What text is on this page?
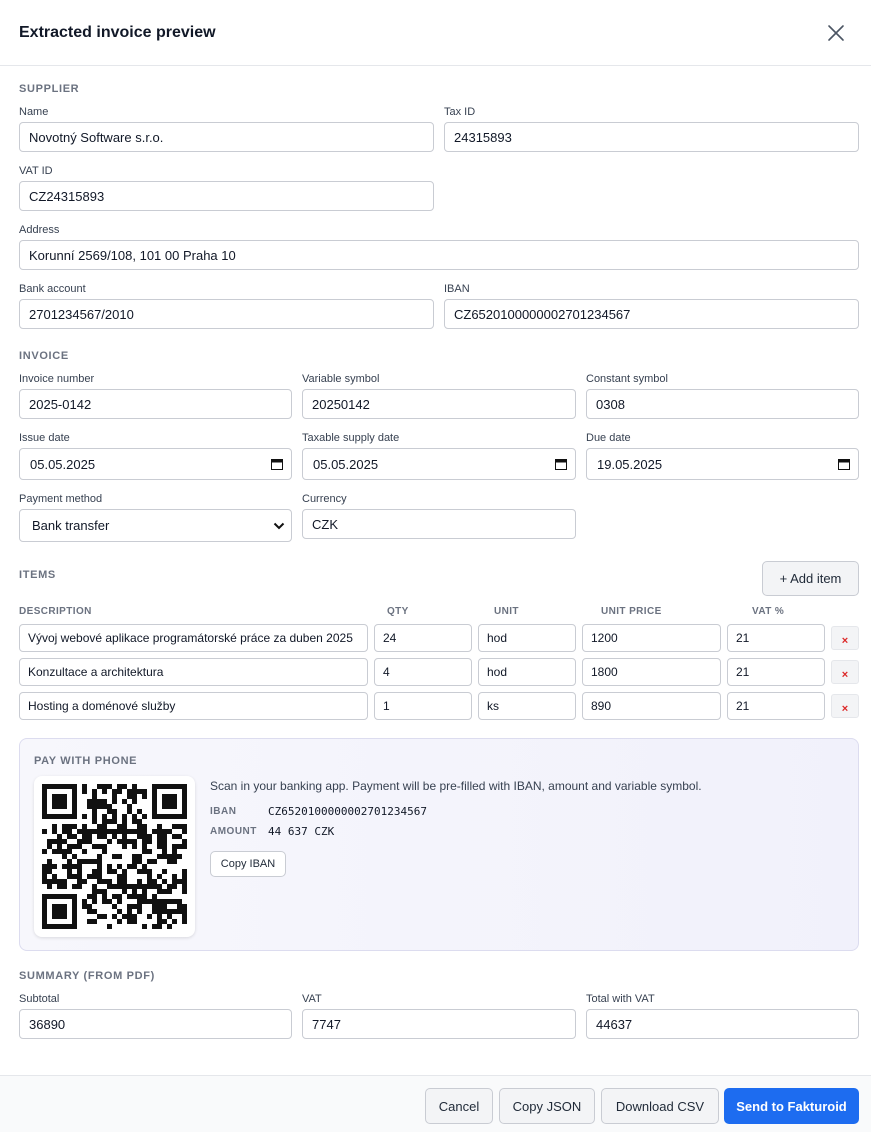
Extracted invoice preview
SUPPLIER
Name
Novotný Software s.r.o.	Tax ID
24315893
VAT ID
CZ24315893
Address
Korunní 2569/108, 101 00 Praha 10
Bank account
2701234567/2010	IBAN
CZ6520100000002701234567
INVOICE
Invoice number
2025-0142	Variable symbol
20250142	Constant symbol
0308
Issue date
05.05.2025
Taxable supply date
05.05.2025
Due date
19.05.2025
Payment method
Bank transfer
Currency
CZK
ITEMS	+ Add item
DESCRIPTION	QTY	UNIT	UNIT PRICE	VAT %
Vývoj webové aplikace programátorské práce za duben 2025	24	hod	1200	21	×
Konzultace a architektura	4	hod	1800	21	×
Hosting a doménové služby	1	ks	890	21	×
PAY WITH PHONE
Scan in your banking app. Payment will be pre-filled with IBAN, amount and variable symbol.
IBAN	CZ6520100000002701234567
AMOUNT 44 637 CZK
Copy IBAN
SUMMARY (FROM PDF)
Subtotal
36890	VAT
7747	Total with VAT
44637
Cancel	Copy JSON	Download CSV	Send to Fakturoid
